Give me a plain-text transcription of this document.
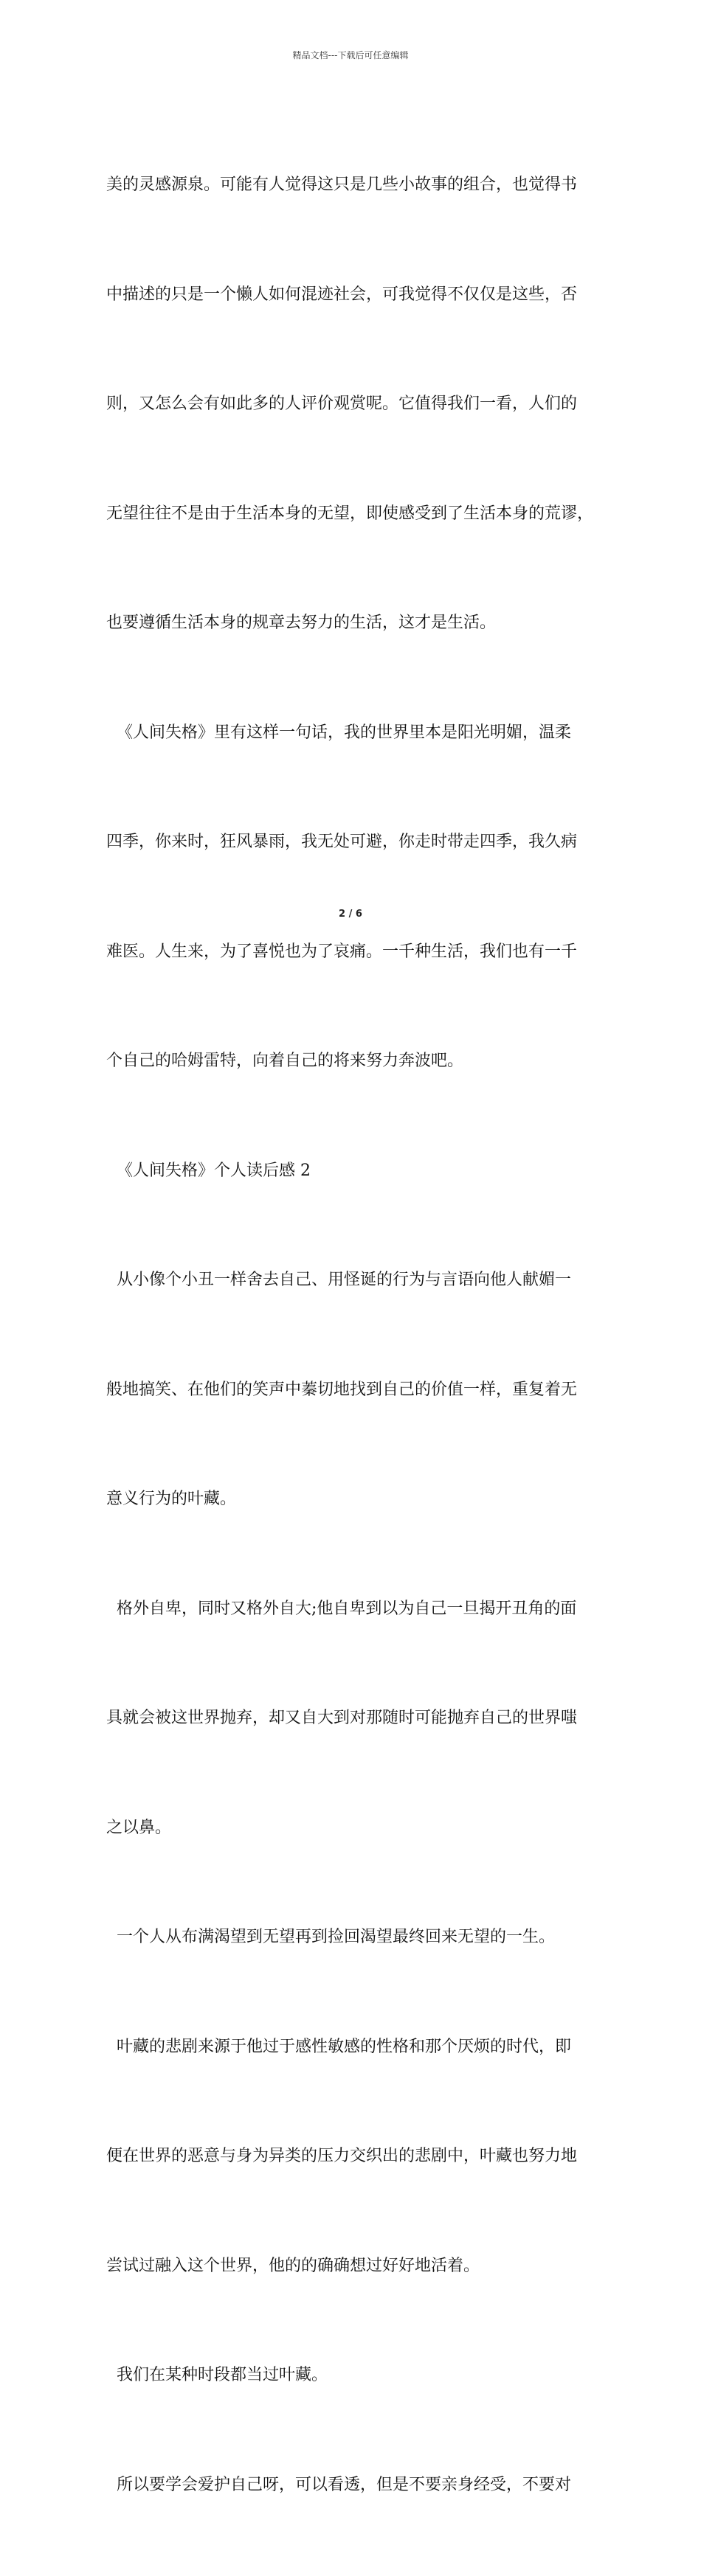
精品文档---下载后可任意编辑

美的灵感源泉。可能有人觉得这只是几些小故事的组合，也觉得书

中描述的只是一个懒人如何混迹社会，可我觉得不仅仅是这些，否

则，又怎么会有如此多的人评价观赏呢。它值得我们一看，人们的

无望往往不是由于生活本身的无望，即使感受到了生活本身的荒谬，

也要遵循生活本身的规章去努力的生活，这才是生活。

《人间失格》里有这样一句话，我的世界里本是阳光明媚，温柔

四季，你来时，狂风暴雨，我无处可避，你走时带走四季，我久病

难医。人生来，为了喜悦也为了哀痛。一千种生活，我们也有一千

个自己的哈姆雷特，向着自己的将来努力奔波吧。

《人间失格》个人读后感 2

从小像个小丑一样舍去自己、用怪诞的行为与言语向他人献媚一

般地搞笑、在他们的笑声中蓁切地找到自己的价值一样，重复着无

意义行为的叶藏。

格外自卑，同时又格外自大;他自卑到以为自己一旦揭开丑角的面

具就会被这世界抛弃，却又自大到对那随时可能抛弃自己的世界嗤

之以鼻。

一个人从布满渴望到无望再到捡回渴望最终回来无望的一生。

叶藏的悲剧来源于他过于感性敏感的性格和那个厌烦的时代，即

便在世界的恶意与身为异类的压力交织出的悲剧中，叶藏也努力地

尝试过融入这个世界，他的的确确想过好好地活着。

我们在某种时段都当过叶藏。

所以要学会爱护自己呀，可以看透，但是不要亲身经受，不要对

2 / 6
